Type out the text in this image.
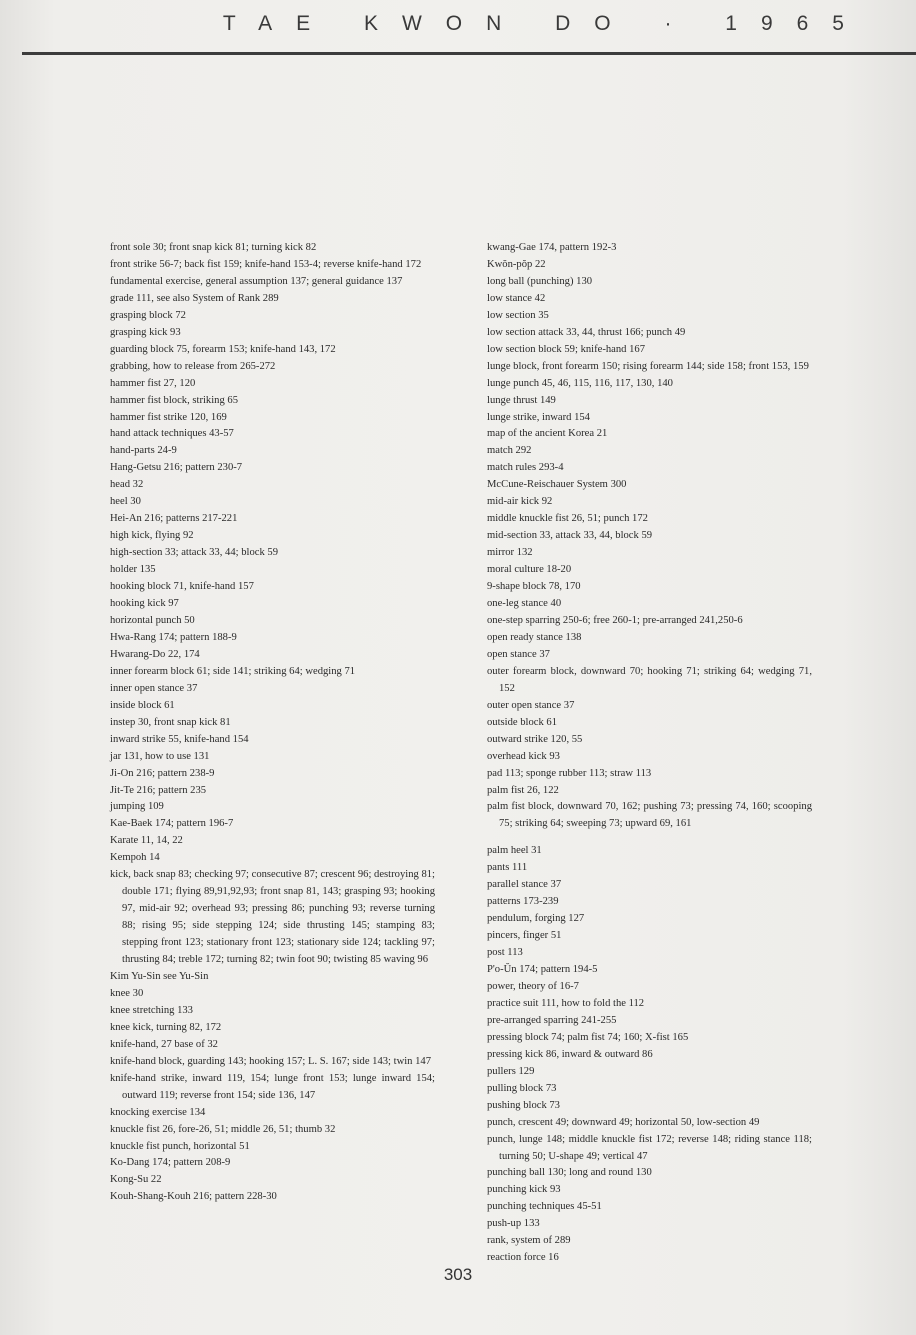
TAE KWON DO · 1965
front sole 30; front snap kick 81; turning kick 82
front strike 56-7; back fist 159; knife-hand 153-4; reverse knife-hand 172
fundamental exercise, general assumption 137; general guidance 137
grade 111, see also System of Rank 289
grasping block 72
grasping kick 93
guarding block 75, forearm 153; knife-hand 143, 172
grabbing, how to release from 265-272
hammer fist 27, 120
hammer fist block, striking 65
hammer fist strike 120, 169
hand attack techniques 43-57
hand-parts 24-9
Hang-Getsu 216; pattern 230-7
head 32
heel 30
Hei-An 216; patterns 217-221
high kick, flying 92
high-section 33; attack 33, 44; block 59
holder 135
hooking block 71, knife-hand 157
hooking kick 97
horizontal punch 50
Hwa-Rang 174; pattern 188-9
Hwarang-Do 22, 174
inner forearm block 61; side 141; striking 64; wedging 71
inner open stance 37
inside block 61
instep 30, front snap kick 81
inward strike 55, knife-hand 154
jar 131, how to use 131
Ji-On 216; pattern 238-9
Jit-Te 216; pattern 235
jumping 109
Kae-Baek 174; pattern 196-7
Karate 11, 14, 22
Kempoh 14
kick, back snap 83; checking 97; consecutive 87; crescent 96; destroying 81; double 171; flying 89,91,92,93; front snap 81, 143; grasping 93; hooking 97, mid-air 92; overhead 93; pressing 86; punching 93; reverse turning 88; rising 95; side stepping 124; side thrusting 145; stamping 83; stepping front 123; stationary front 123; stationary side 124; tackling 97; thrusting 84; treble 172; turning 82; twin foot 90; twisting 85 waving 96
Kim Yu-Sin see Yu-Sin
knee 30
knee stretching 133
knee kick, turning 82, 172
knife-hand, 27 base of 32
knife-hand block, guarding 143; hooking 157; L. S. 167; side 143; twin 147
knife-hand strike, inward 119, 154; lunge front 153; lunge inward 154; outward 119; reverse front 154; side 136, 147
knocking exercise 134
knuckle fist 26, fore-26, 51; middle 26, 51; thumb 32
knuckle fist punch, horizontal 51
Ko-Dang 174; pattern 208-9
Kong-Su 22
Kouh-Shang-Kouh 216; pattern 228-30
kwang-Gae 174, pattern 192-3
Kwŏn-pŏp 22
long ball (punching) 130
low stance 42
low section 35
low section attack 33, 44, thrust 166; punch 49
low section block 59; knife-hand 167
lunge block, front forearm 150; rising forearm 144; side 158; front 153, 159
lunge punch 45, 46, 115, 116, 117, 130, 140
lunge thrust 149
lunge strike, inward 154
map of the ancient Korea 21
match 292
match rules 293-4
McCune-Reischauer System 300
mid-air kick 92
middle knuckle fist 26, 51; punch 172
mid-section 33, attack 33, 44, block 59
mirror 132
moral culture 18-20
9-shape block 78, 170
one-leg stance 40
one-step sparring 250-6; free 260-1; pre-arranged 241,250-6
open ready stance 138
open stance 37
outer forearm block, downward 70; hooking 71; striking 64; wedging 71, 152
outer open stance 37
outside block 61
outward strike 120, 55
overhead kick 93
pad 113; sponge rubber 113; straw 113
palm fist 26, 122
palm fist block, downward 70, 162; pushing 73; pressing 74, 160; scooping 75; striking 64; sweeping 73; upward 69, 161
palm heel 31
pants 111
parallel stance 37
patterns 173-239
pendulum, forging 127
pincers, finger 51
post 113
P'o-Ŭn 174; pattern 194-5
power, theory of 16-7
practice suit 111, how to fold the 112
pre-arranged sparring 241-255
pressing block 74; palm fist 74; 160; X-fist 165
pressing kick 86, inward & outward 86
pullers 129
pulling block 73
pushing block 73
punch, crescent 49; downward 49; horizontal 50, low-section 49
punch, lunge 148; middle knuckle fist 172; reverse 148; riding stance 118; turning 50; U-shape 49; vertical 47
punching ball 130; long and round 130
punching kick 93
punching techniques 45-51
push-up 133
rank, system of 289
reaction force 16
303
